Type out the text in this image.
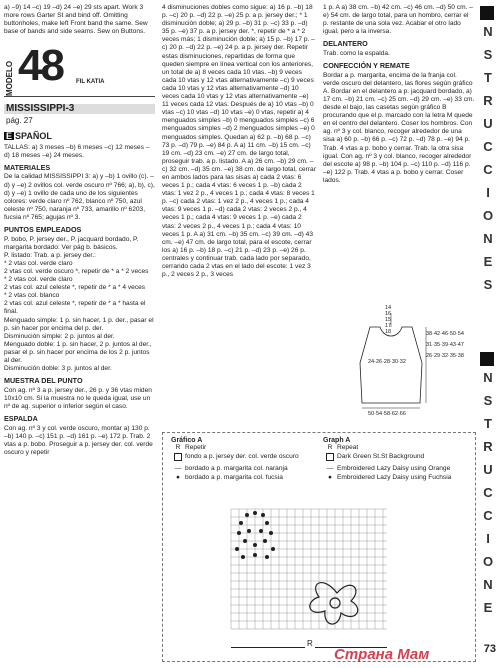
a) –9) 14 –c) 19 –d) 24 –e) 29 sts apart. Work 3 more rows Garter St and bind off. Omitting buttonholes, make left Front band the same. Sew base of bands and side seams. Sew on Buttons.

MODELO 48 FIL KATIA
MISSISSIPPI-3
pág. 27
E SPAÑOL

TALLAS: a) 3 meses –b) 6 meses –c) 12 meses –d) 18 meses –e) 24 meses.

MATERIALES

De la calidad MISSISSIPPI 3: a) y –b) 1 ovillo (c). –d) y –e) 2 ovillos col. verde oscuro nº 766; a), b), c), d) y –e) 1 ovillo de cada uno de los siguientes colores: verde claro nº 762, blanco nº 750, azul celeste nº 750, naranja nº 733, amarillo nº 6203, fucsia nº 765; agujas nº 3.

PUNTOS EMPLEADOS

P. bobo, P. jersey der., P. jacquard bordado, P. margarita bordado: Ver pág b. básicos.

P. listado: Trab. a p. jersey der.:

* 2 vtas col. verde claro

2 vtas col. verde oscuro *, repetir de * a * 2 veces

* 2 vtas col. verde claro

2 vtas col. azul celeste *, repetir de * a * 4 veces

* 2 vtas col. blanco

2 vtas col. azul celeste *, repetir de * a * hasta el final.

Menguado simple: 1 p. sin hacer, 1 p. der., pasar el p. sin hacer por encima del p. der.

Disminución simple: 2 p. juntos al der.

Menguado doble: 1 p. sin hacer, 2 p. juntos al der., pasar el p. sin hacer por encima de los 2 p. juntos al der.

Disminución doble: 3 p. juntos al der.

MUESTRA DEL PUNTO

Con ag. nº 3 a p. jersey der., 26 p. y 36 vtas miden 10x10 cm. Si la muestra no le queda igual, use un nº de ag. superior o inferior según el caso.

ESPALDA

Con ag. nº 3 y col. verde oscuro, montar a) 130 p. –b) 140 p. –c) 151 p. –d) 161 p. –e) 172 p. Trab. 2 vtas a p. bobo. Proseguir a p. jersey der. col. verde oscuro y repetir

4 disminuciones dobles como sigue: a) 16 p. –b) 18 p. –c) 20 p. –d) 22 p. –e) 25 p. a p. jersey der.; * 1 disminución doble; a) 29 p. –b) 31 p. –c) 33 p. –d) 35 p. –e) 37 p. a p. jersey der. *, repetir de * a * 2 veces más; 1 disminución doble; a) 15 p. –b) 17 p. –c) 20 p. –d) 22 p. –e) 24 p. a p. jersey der. Repetir estas disminuciones, repartidas de forma que queden siempre en línea vertical con los anteriores, un total de a) 8 veces cada 10 vtas. –b) 9 veces cada 10 vtas y 12 vtas alternativamente –c) 9 veces cada 10 vtas y 12 vtas alternativamente –d) 10 veces cada 10 vtas y 12 vtas alternativamente –e) 11 veces cada 12 vtas. Después de a) 10 vtas –b) 0 vtas –c) 10 vtas –d) 10 vtas –e) 0 vtas, repetir a) 4 menguados simples –b) 0 menguados simples –c) 6 menguados simples –d) 2 menguados simples –e) 0 menguados simples. Quedan a) 62 p. –b) 68 p. –c) 73 p. –d) 79 p. –e) 84 p. A a) 11 cm. –b) 15 cm. –c) 19 cm. –d) 23 cm. –e) 27 cm. de largo total, proseguir trab. a p. listado. A a) 26 cm. –b) 29 cm. –c) 32 cm. –d) 35 cm. –e) 38 cm. de largo total, cerrar en ambos lados para las sisas a) cada 2 vtas: 6 veces 1 p.; cada 4 vtas: 6 veces 1 p. –b) cada 2 vtas: 1 vez 2 p., 4 veces 1 p.; cada 4 vtas: 8 veces 1 p. –c) cada 2 vtas: 1 vez 2 p., 4 veces 1 p.; cada 4 vtas: 9 veces 1 p. –d) cada 2 vtas: 2 veces 2 p., 4 veces 1 p.; cada 4 vtas: 9 veces 1 p. –e) cada 2 vtas: 2 veces 2 p., 4 veces 1 p.; cada 4 vtas: 10 veces 1 p. A a) 31 cm. –b) 35 cm. –c) 39 cm. –d) 43 cm. –e) 47 cm. de largo total, para el escote, cerrar los a) 16 p. –b) 18 p. –c) 21 p. –d) 23 p. –e) 26 p. centrales y continuar trab. cada lado por separado, cerrando cada 2 vtas en el lado del escote: 1 vez 3 p., 2 veces 2 p., 3 veces

1 p. A a) 38 cm. –b) 42 cm. –c) 46 cm. –d) 50 cm. –e) 54 cm. de largo total, para un hombro, cerrar el p. restante de una sola vez. Acabar el otro lado igual, pero a la inversa.

DELANTERO

Trab. como la espalda.

CONFECCIÓN Y REMATE

Bordar a p. margarita, encima de la franja col. verde oscuro del delantero, las flores según gráfico A. Bordar en el delantero a p. jacquard bordado, a) 17 cm. –b) 21 cm. –c) 25 cm. –d) 29 cm. –e) 33 cm. desde el bajo, las casetas según gráfico B procurando que el p. marcado con la letra M quede en el centro del delantero. Coser los hombros. Con ag. nº 3 y col. blanco, recoger alrededor de una sisa a) 60 p. –b) 66 p. –c) 72 p. –d) 78 p. –e) 94 p. Trab. 4 vtas a p. bobo y cerrar. Trab. la otra sisa igual. Con ag. nº 3 y col. blanco, recoger alrededor del escote a) 98 p. –b) 104 p. –c) 110 p. –d) 116 p. –e) 122 p. Trab. 4 vtas a p. bobo y cerrar. Coser lados.

14
16
15
17
18	38·42·46·50·54
31·35·39·43·47
26·29·32·35·38
24·26·28·30·32
50·54·58·62·66
Gráfico A
R Repetir
fondo a p. jersey der. col. verde oscuro
— bordado a p. margarita col. naranja
● bordado a p. margarita col. fucsia
Graph A
R Repeat
Dark Green St.St Background
— Embroidered Lazy Daisy using Orange
● Embroidered Lazy Daisy using Fuchsia
R
N
S
T
R
U
C
C
I
O
N
E
S
N
S
T
R
U
C
C
I
O
N
E
73
Страна Мам
